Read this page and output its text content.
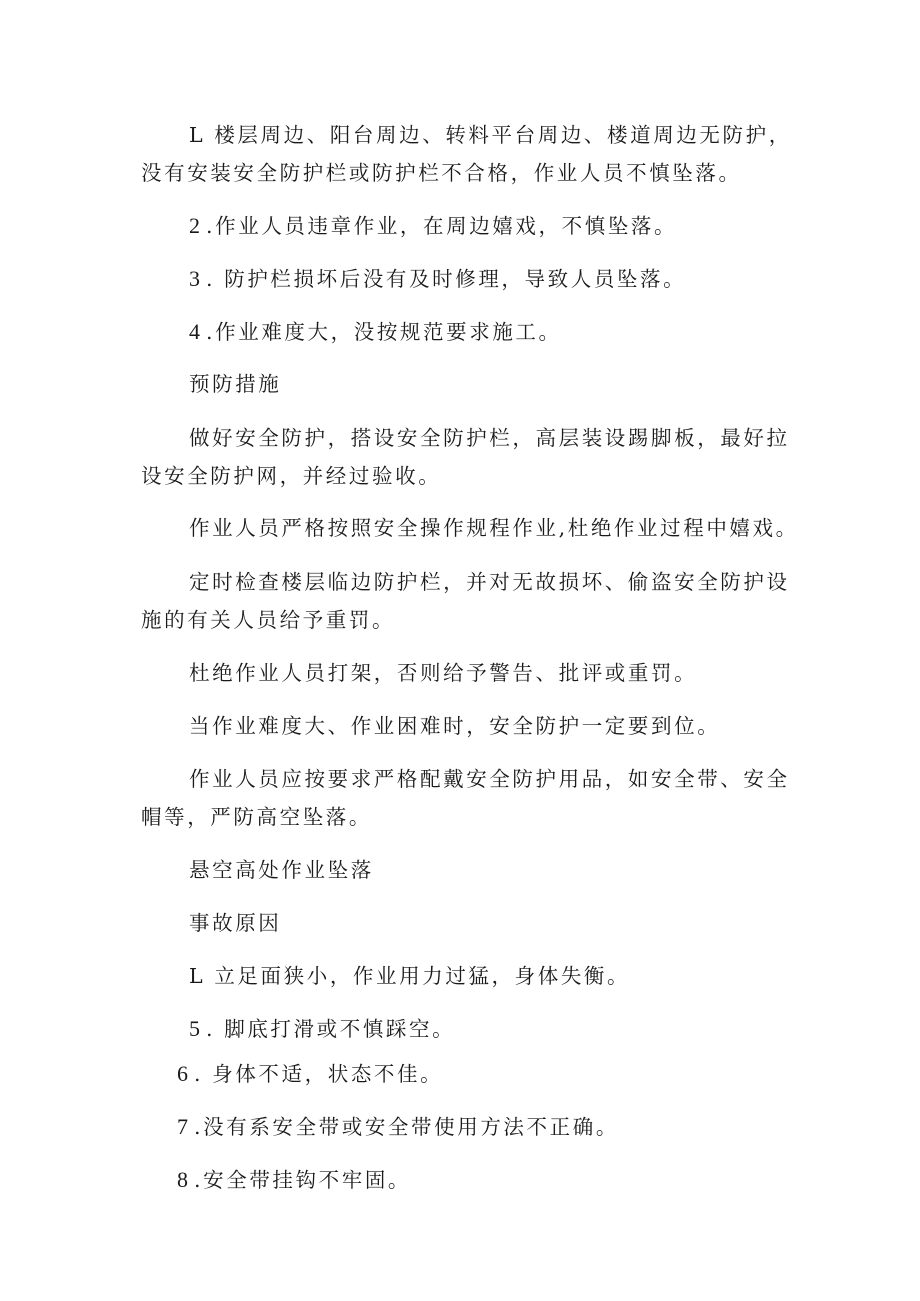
L 楼层周边、阳台周边、转料平台周边、楼道周边无防护，
没有安装安全防护栏或防护栏不合格，作业人员不慎坠落。
2 .作业人员违章作业，在周边嬉戏，不慎坠落。
3 . 防护栏损坏后没有及时修理，导致人员坠落。
4 .作业难度大，没按规范要求施工。
预防措施
做好安全防护，搭设安全防护栏，高层装设踢脚板，最好拉
设安全防护网，并经过验收。
作业人员严格按照安全操作规程作业,杜绝作业过程中嬉戏。
定时检查楼层临边防护栏，并对无故损坏、偷盗安全防护设
施的有关人员给予重罚。
杜绝作业人员打架，否则给予警告、批评或重罚。
当作业难度大、作业困难时，安全防护一定要到位。
作业人员应按要求严格配戴安全防护用品，如安全带、安全
帽等，严防高空坠落。
悬空高处作业坠落
事故原因
L 立足面狭小，作业用力过猛，身体失衡。
5 . 脚底打滑或不慎踩空。
6 . 身体不适，状态不佳。
7 .没有系安全带或安全带使用方法不正确。
8 .安全带挂钩不牢固。
